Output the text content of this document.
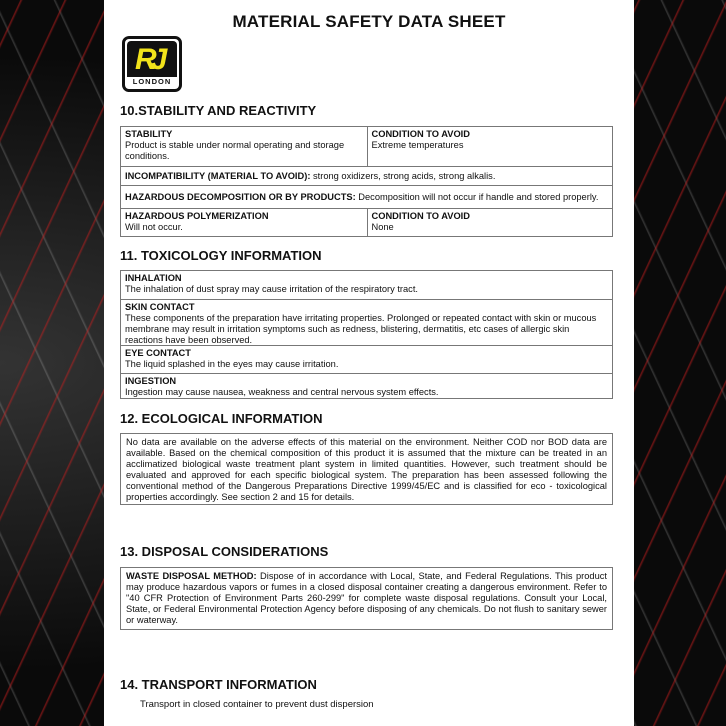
MATERIAL SAFETY DATA SHEET
RJ
LONDON
10.STABILITY AND REACTIVITY
STABILITY
Product is stable under normal operating and storage conditions.
CONDITION TO AVOID
Extreme temperatures
INCOMPATIBILITY (MATERIAL TO AVOID): strong oxidizers, strong acids, strong alkalis.
HAZARDOUS DECOMPOSITION OR BY PRODUCTS: Decomposition will not occur if handle and stored properly.
HAZARDOUS POLYMERIZATION
Will not occur.
CONDITION TO AVOID
None
11. TOXICOLOGY INFORMATION
INHALATION
The inhalation of dust spray may cause irritation of the respiratory tract.
SKIN CONTACT
These components of the preparation have irritating properties. Prolonged or repeated contact with skin or mucous membrane may result in irritation symptoms such as redness, blistering, dermatitis, etc cases of allergic skin reactions have been observed.
EYE CONTACT
The liquid splashed in the eyes may cause irritation.
INGESTION
Ingestion may cause nausea, weakness and central nervous system effects.
12. ECOLOGICAL INFORMATION
No data are available on the adverse effects of this material on the environment. Neither COD nor BOD data are available. Based on the chemical composition of this product it is assumed that the mixture can be treated in an acclimatized biological waste treatment plant system in limited quantities. However, such treatment should be evaluated and approved for each specific biological system. The preparation has been assessed following the conventional method of the Dangerous Preparations Directive 1999/45/EC and is classified for eco - toxicological properties accordingly. See section 2 and 15 for details.
13. DISPOSAL CONSIDERATIONS
WASTE DISPOSAL METHOD: Dispose of in accordance with Local, State, and Federal Regulations. This product may produce hazardous vapors or fumes in a closed disposal container creating a dangerous environment. Refer to "40 CFR Protection of Environment Parts 260-299" for complete waste disposal regulations. Consult your Local, State, or Federal Environmental Protection Agency before disposing of any chemicals. Do not flush to sanitary sewer or waterway.
14. TRANSPORT INFORMATION
Transport in closed container to prevent dust dispersion
